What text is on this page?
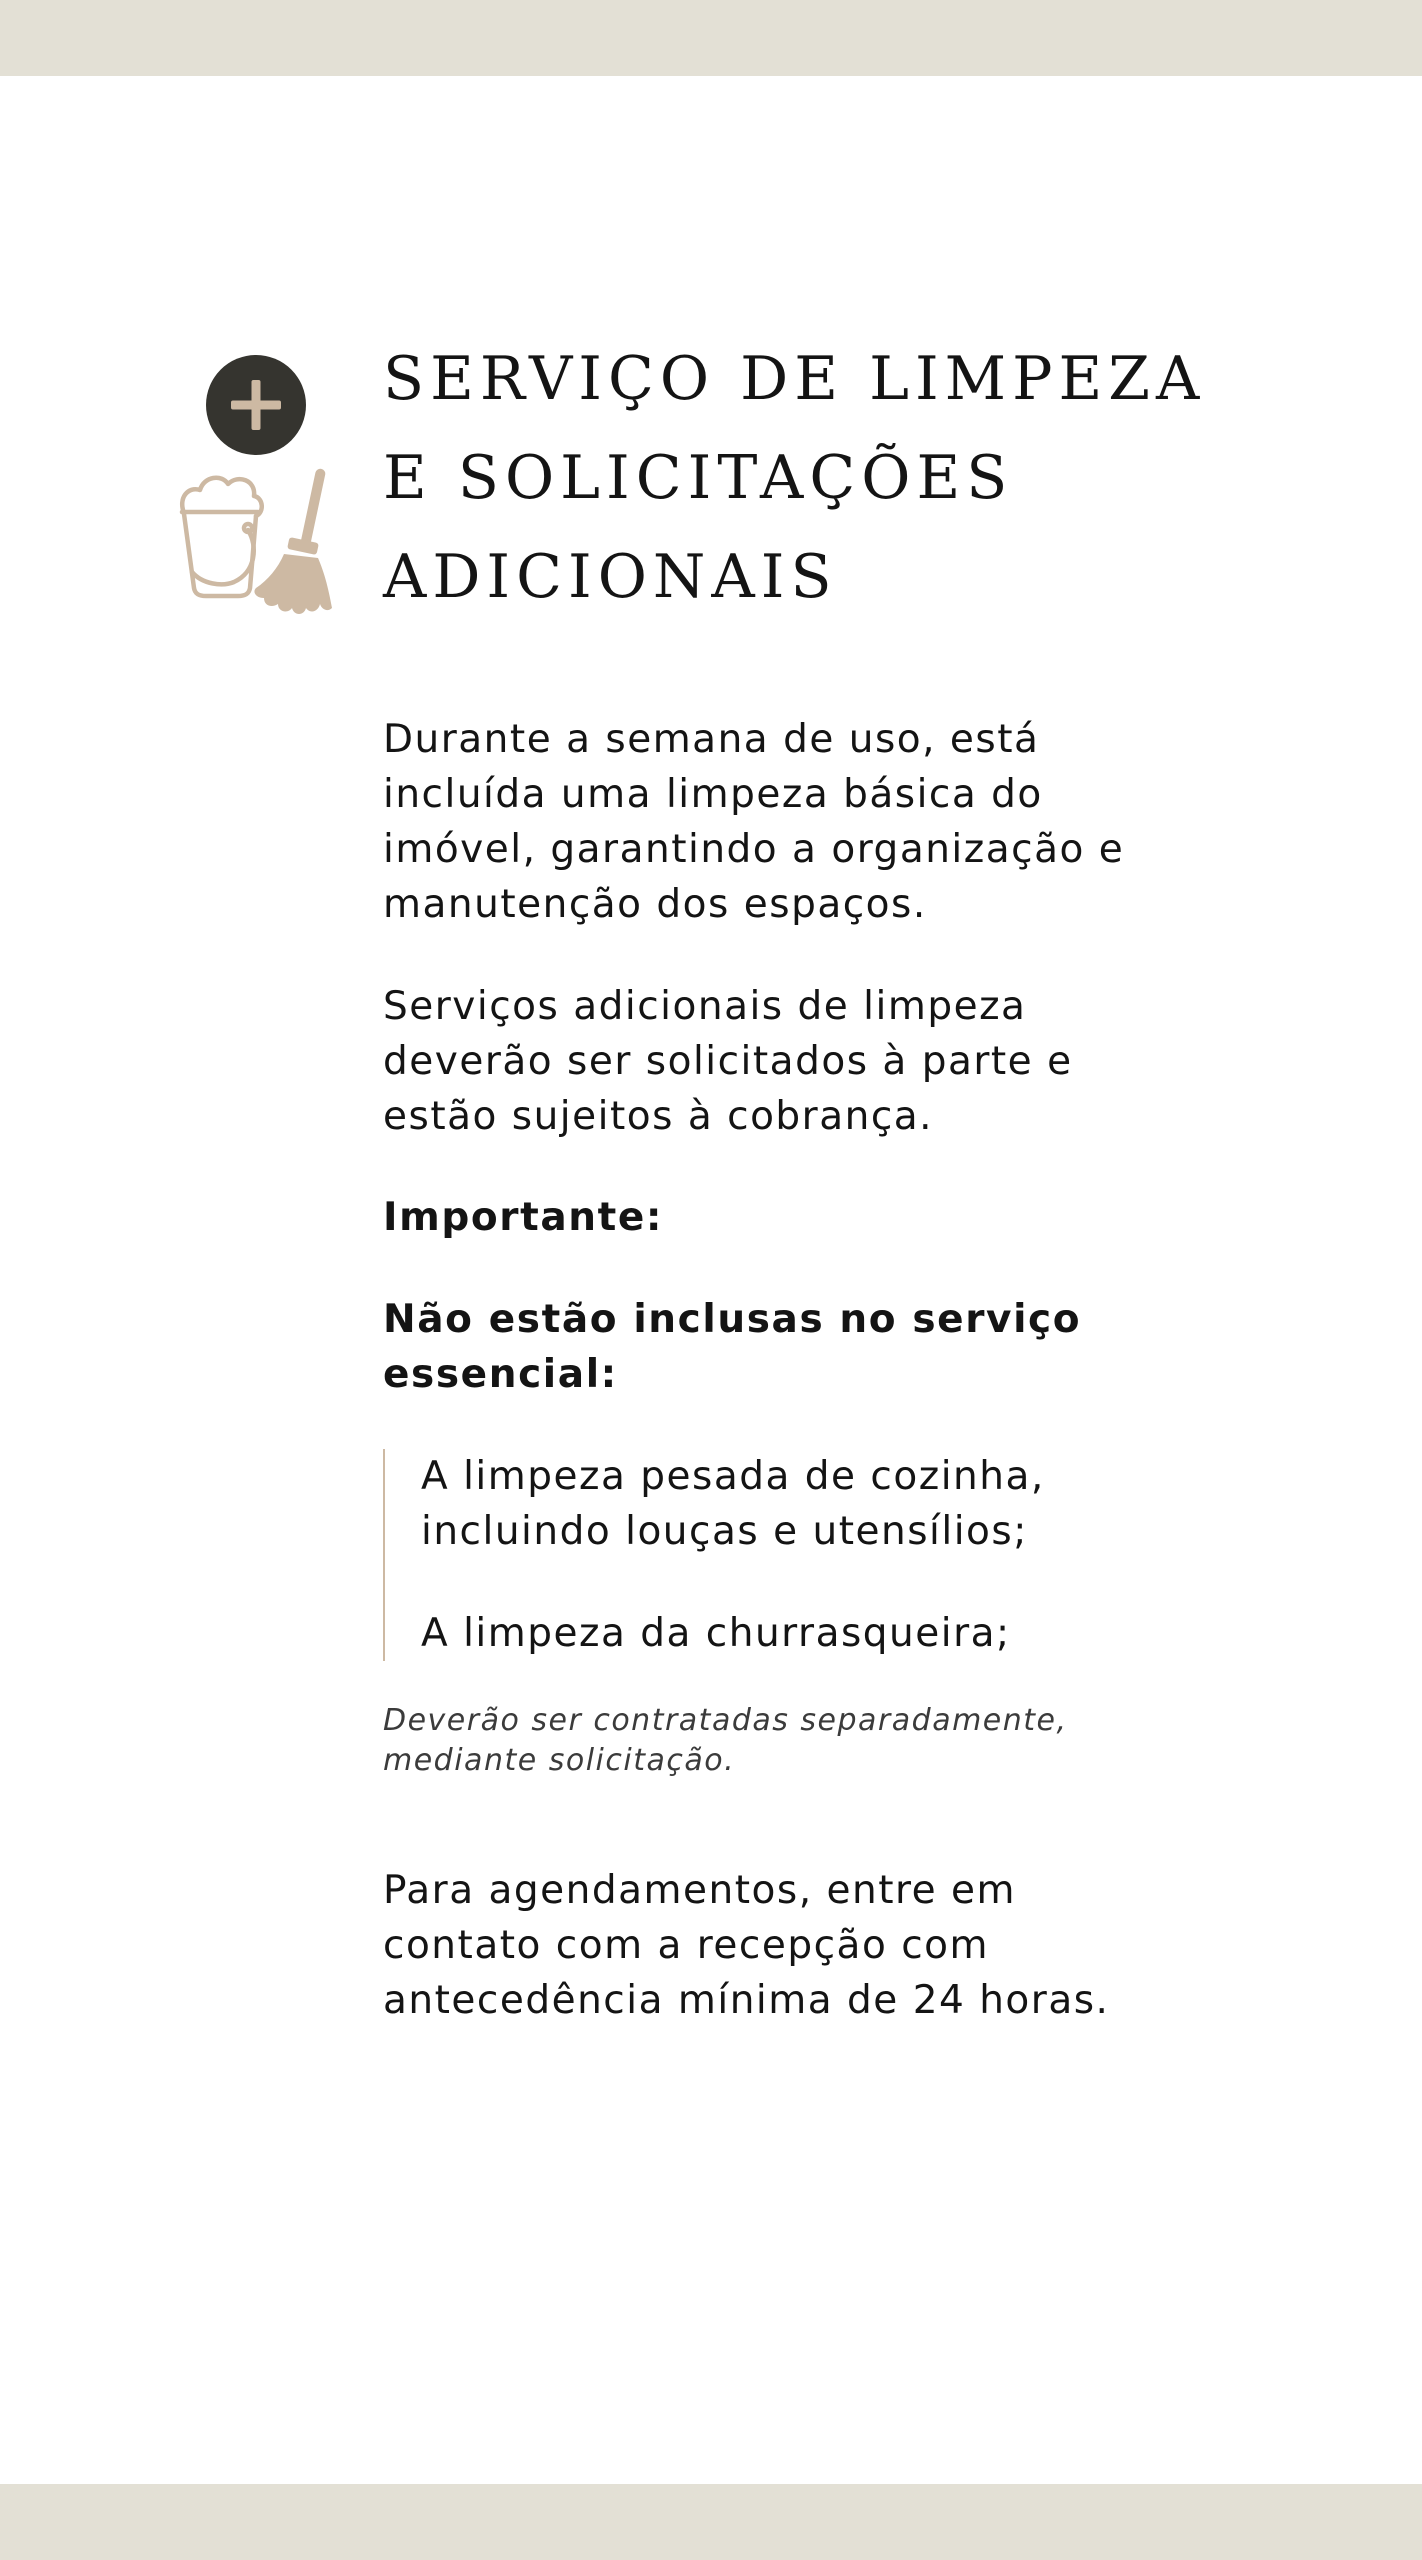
SERVIÇO DE LIMPEZA
E SOLICITAÇÕES
ADICIONAIS

Durante a semana de uso, está
incluída uma limpeza básica do
imóvel, garantindo a organização e
manutenção dos espaços.

Serviços adicionais de limpeza
deverão ser solicitados à parte e
estão sujeitos à cobrança.

Importante:

Não estão inclusas no serviço
essencial:

A limpeza pesada de cozinha,
incluindo louças e utensílios;

A limpeza da churrasqueira;

Deverão ser contratadas separadamente,
mediante solicitação.

Para agendamentos, entre em
contato com a recepção com
antecedência mínima de 24 horas.
